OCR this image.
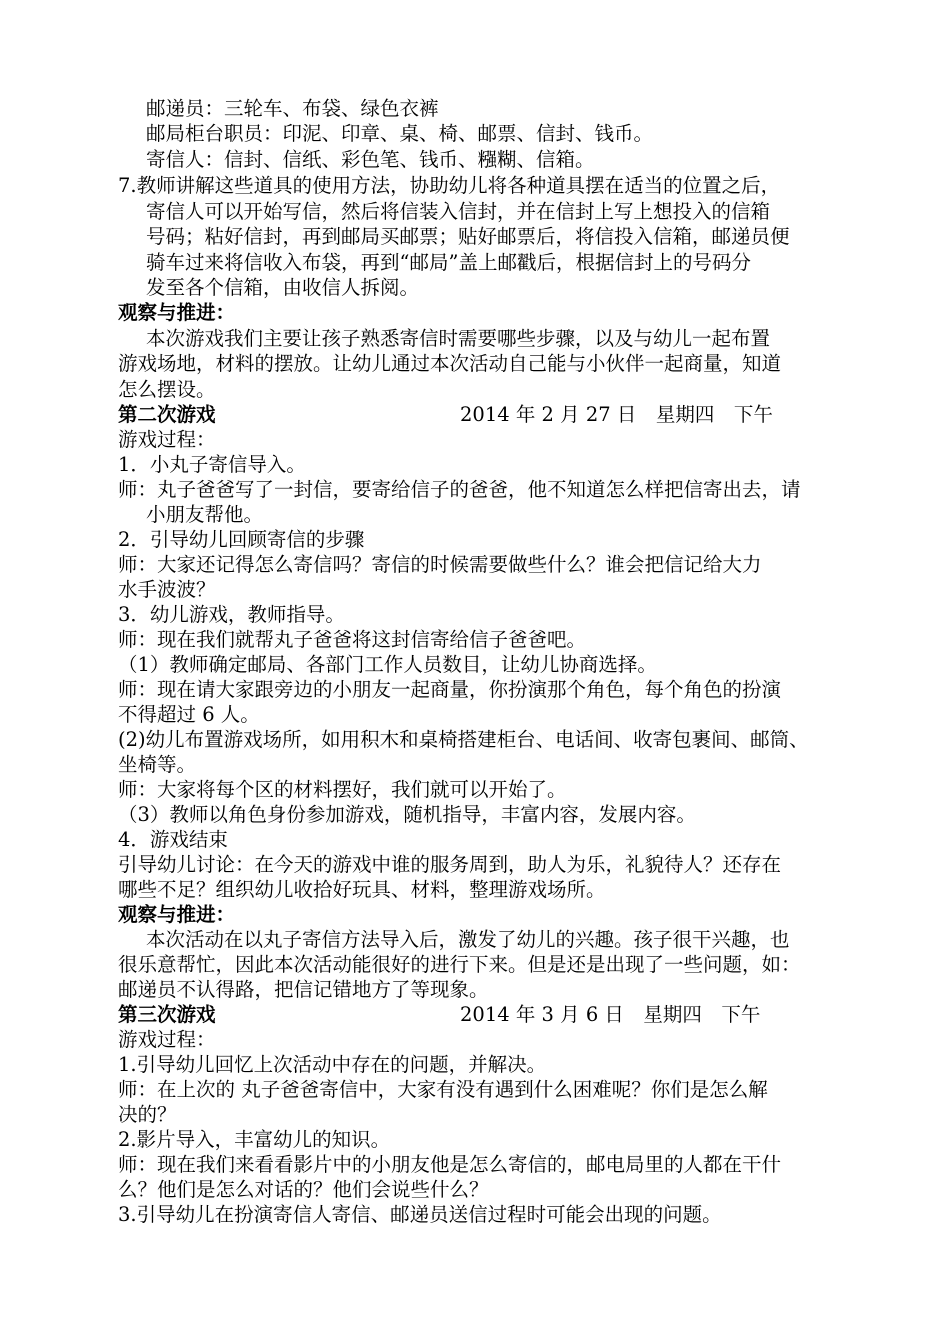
邮递员：三轮车、布袋、绿色衣裤

邮局柜台职员：印泥、印章、桌、椅、邮票、信封、钱币。

寄信人：信封、信纸、彩色笔、钱币、糨糊、信箱。

7.教师讲解这些道具的使用方法，协助幼儿将各种道具摆在适当的位置之后，

寄信人可以开始写信，然后将信装入信封，并在信封上写上想投入的信箱

号码；粘好信封，再到邮局买邮票；贴好邮票后，将信投入信箱，邮递员便

骑车过来将信收入布袋，再到“邮局”盖上邮戳后，根据信封上的号码分

发至各个信箱，由收信人拆阅。

观察与推进：

本次游戏我们主要让孩子熟悉寄信时需要哪些步骤，以及与幼儿一起布置

游戏场地，材料的摆放。让幼儿通过本次活动自己能与小伙伴一起商量，知道

怎么摆设。

第二次游戏	2014 年 2 月 27 日　星期四　下午

游戏过程：

1．小丸子寄信导入。

师：丸子爸爸写了一封信，要寄给信子的爸爸，他不知道怎么样把信寄出去，请

小朋友帮他。

2．引导幼儿回顾寄信的步骤

师：大家还记得怎么寄信吗？寄信的时候需要做些什么？谁会把信记给大力

水手波波？

3．幼儿游戏，教师指导。

师：现在我们就帮丸子爸爸将这封信寄给信子爸爸吧。

（1）教师确定邮局、各部门工作人员数目，让幼儿协商选择。

师：现在请大家跟旁边的小朋友一起商量，你扮演那个角色，每个角色的扮演

不得超过 6 人。

(2)幼儿布置游戏场所，如用积木和桌椅搭建柜台、电话间、收寄包裹间、邮筒、

坐椅等。

师：大家将每个区的材料摆好，我们就可以开始了。

（3）教师以角色身份参加游戏，随机指导，丰富内容，发展内容。

4．游戏结束

引导幼儿讨论：在今天的游戏中谁的服务周到，助人为乐，礼貌待人？还存在

哪些不足？组织幼儿收拾好玩具、材料，整理游戏场所。

观察与推进：

本次活动在以丸子寄信方法导入后，激发了幼儿的兴趣。孩子很干兴趣，也

很乐意帮忙，因此本次活动能很好的进行下来。但是还是出现了一些问题，如：

邮递员不认得路，把信记错地方了等现象。

第三次游戏	2014 年 3 月 6 日　星期四　下午

游戏过程：

1.引导幼儿回忆上次活动中存在的问题，并解决。

师：在上次的 丸子爸爸寄信中，大家有没有遇到什么困难呢？你们是怎么解

决的？

2.影片导入，丰富幼儿的知识。

师：现在我们来看看影片中的小朋友他是怎么寄信的，邮电局里的人都在干什

么？他们是怎么对话的？他们会说些什么？

3.引导幼儿在扮演寄信人寄信、邮递员送信过程时可能会出现的问题。
